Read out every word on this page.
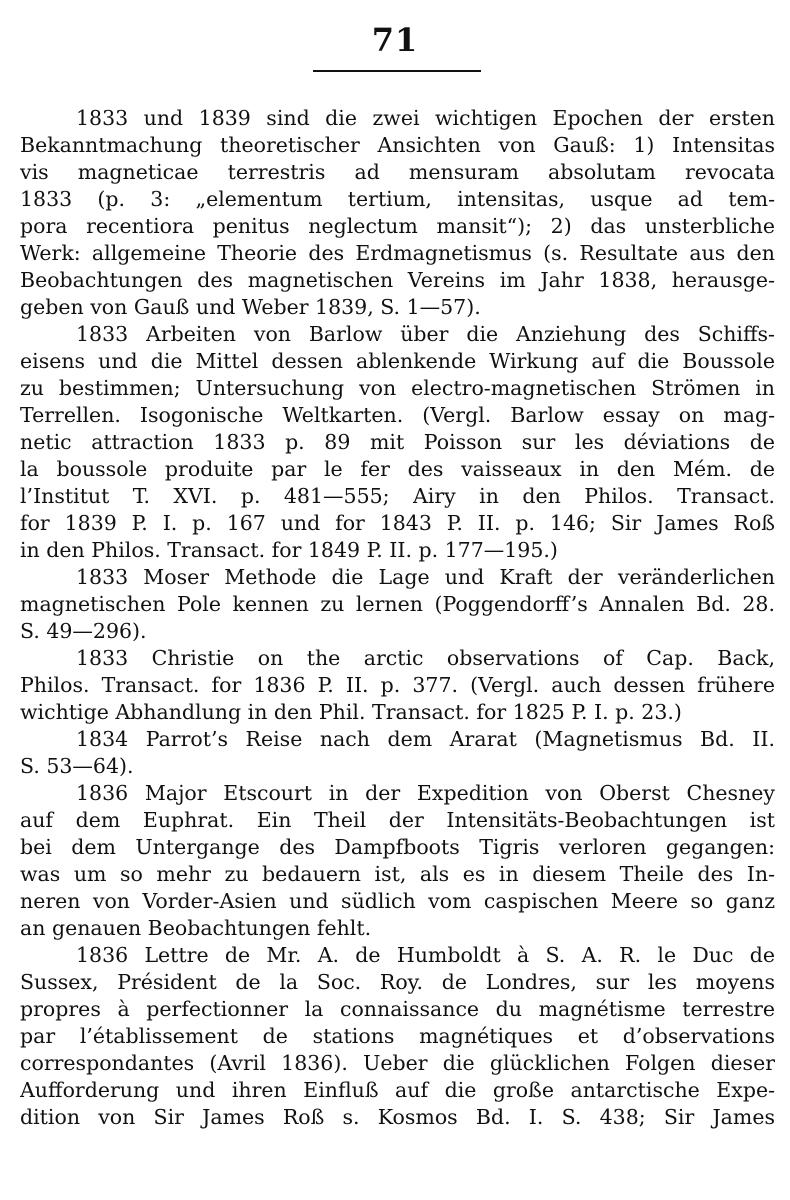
71
1833 und 1839 sind die zwei wichtigen Epochen der ersten
Bekanntmachung theoretischer Ansichten von Gauß: 1) Intensitas
vis magneticae terrestris ad mensuram absolutam revocata
1833 (p. 3: „elementum tertium, intensitas, usque ad tem-
pora recentiora penitus neglectum mansit“); 2) das unsterbliche
Werk: allgemeine Theorie des Erdmagnetismus (s. Resultate aus den
Beobachtungen des magnetischen Vereins im Jahr 1838, herausge-
geben von Gauß und Weber 1839, S. 1—57).
1833 Arbeiten von Barlow über die Anziehung des Schiffs-
eisens und die Mittel dessen ablenkende Wirkung auf die Boussole
zu bestimmen; Untersuchung von electro-magnetischen Strömen in
Terrellen. Isogonische Weltkarten. (Vergl. Barlow essay on mag-
netic attraction 1833 p. 89 mit Poisson sur les déviations de
la boussole produite par le fer des vaisseaux in den Mém. de
l’Institut T. XVI. p. 481—555; Airy in den Philos. Transact.
for 1839 P. I. p. 167 und for 1843 P. II. p. 146; Sir James Roß
in den Philos. Transact. for 1849 P. II. p. 177—195.)
1833 Moser Methode die Lage und Kraft der veränderlichen
magnetischen Pole kennen zu lernen (Poggendorff’s Annalen Bd. 28.
S. 49—296).
1833 Christie on the arctic observations of Cap. Back,
Philos. Transact. for 1836 P. II. p. 377. (Vergl. auch dessen frühere
wichtige Abhandlung in den Phil. Transact. for 1825 P. I. p. 23.)
1834 Parrot’s Reise nach dem Ararat (Magnetismus Bd. II.
S. 53—64).
1836 Major Etscourt in der Expedition von Oberst Chesney
auf dem Euphrat. Ein Theil der Intensitäts-Beobachtungen ist
bei dem Untergange des Dampfboots Tigris verloren gegangen:
was um so mehr zu bedauern ist, als es in diesem Theile des In-
neren von Vorder-Asien und südlich vom caspischen Meere so ganz
an genauen Beobachtungen fehlt.
1836 Lettre de Mr. A. de Humboldt à S. A. R. le Duc de
Sussex, Président de la Soc. Roy. de Londres, sur les moyens
propres à perfectionner la connaissance du magnétisme terrestre
par l’établissement de stations magnétiques et d’observations
correspondantes (Avril 1836). Ueber die glücklichen Folgen dieser
Aufforderung und ihren Einfluß auf die große antarctische Expe-
dition von Sir James Roß s. Kosmos Bd. I. S. 438; Sir James
